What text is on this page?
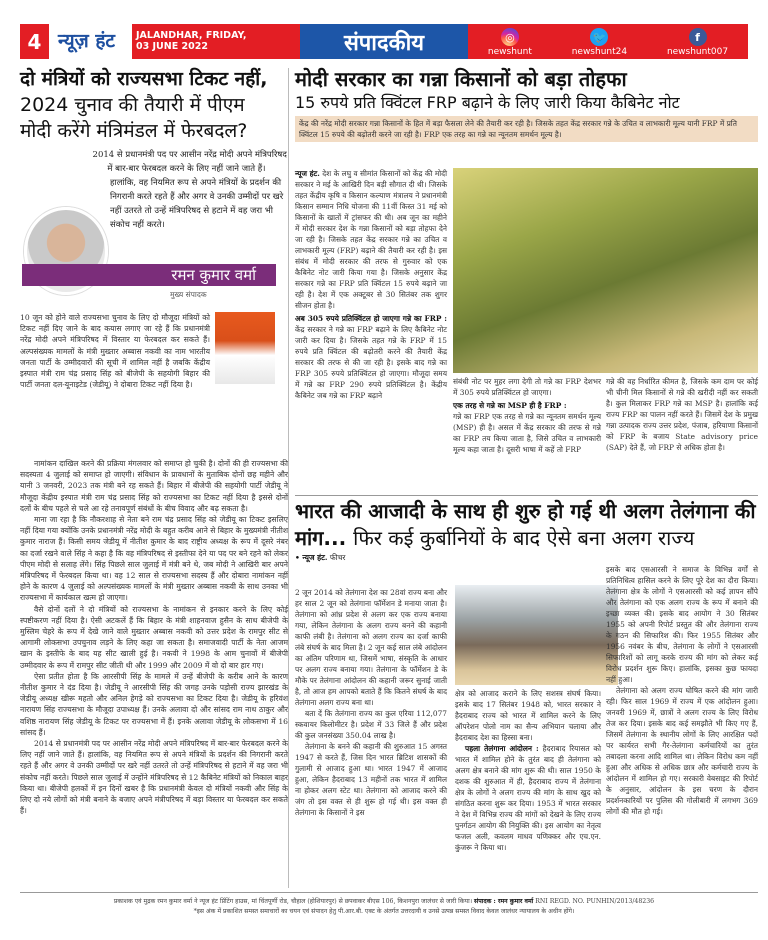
4 न्यूज़ हंट JALANDHAR, FRIDAY,
03 JUNE 2022	संपादकीय	◎
newshunt
🐦
newshunt24
f
newshunt007
दो मंत्रियों को राज्यसभा टिकट नहीं,
2024 चुनाव की तैयारी में पीएम
मोदी करेंगे मंत्रिमंडल में फेरबदल?
2014 से प्रधानमंत्री पद पर आसीन नरेंद्र मोदी अपने मंत्रिपरिषद में बार-बार फेरबदल करने के लिए नहीं जाने जाते हैं। हालांकि, वह नियमित रूप से अपने मंत्रियों के प्रदर्शन की निगरानी करते रहते हैं और अगर वे उनकी उम्मीदों पर खरे नहीं उतरते तो उन्हें मंत्रिपरिषद से हटाने में वह जरा भी संकोच नहीं करते।
रमन कुमार वर्मा
मुख्य संपादक
10 जून को होने वाले राज्यसभा चुनाव के लिए दो मौजूदा मंत्रियों को टिकट नहीं दिए जाने के बाद कयास लगाए जा रहे हैं कि प्रधानमंत्री नरेंद्र मोदी अपने मंत्रिपरिषद में विस्तार या फेरबदल कर सकते हैं। अल्पसंख्यक मामलों के मंत्री मुख्तार अब्बास नकवी का नाम भारतीय जनता पार्टी के उम्मीदवारों की सूची में शामिल नहीं है जबकि केंद्रीय इस्पात मंत्री राम चंद्र प्रसाद सिंह को बीजेपी के सहयोगी बिहार की पार्टी जनता दल-यूनाइटेड (जेडीयू) ने दोबारा टिकट नहीं दिया है।

नामांकन दाखिल करने की प्रक्रिया मंगलवार को समाप्त हो चुकी है। दोनों की ही राज्यसभा की सदस्यता 4 जुलाई को समाप्त हो जाएगी। संविधान के प्रावधानों के मुताबिक दोनों छह महीने और यानी 3 जनवरी, 2023 तक मंत्री बने रह सकते हैं। बिहार में बीजेपी की सहयोगी पार्टी जेडीयू ने मौजूदा केंद्रीय इस्पात मंत्री राम चंद्र प्रसाद सिंह को राज्यसभा का टिकट नहीं दिया है इससे दोनों दलों के बीच पहले से चले आ रहे तनावपूर्ण संबंधों के बीच विवाद और बढ़ सकता है।

माना जा रहा है कि नौकरशाह से नेता बने राम चंद्र प्रसाद सिंह को जेडीयू का टिकट इसलिए नहीं दिया गया क्योंकि उनके प्रधानमंत्री नरेंद्र मोदी के बहुत करीब आने से बिहार के मुख्यमंत्री नीतीश कुमार नाराज हैं। किसी समय जेडीयू में नीतीश कुमार के बाद राष्ट्रीय अध्यक्ष के रूप में दूसरे नंबर का दर्जा रखने वाले सिंह ने कहा है कि वह मंत्रिपरिषद से इस्तीफा देने या पद पर बने रहने को लेकर पीएम मोदी से सलाह लेंगे। सिंह पिछले साल जुलाई में मंत्री बने थे, जब मोदी ने आखिरी बार अपने मंत्रिपरिषद में फेरबदल किया था। वह 12 साल से राज्यसभा सदस्य हैं और दोबारा नामांकन नहीं होने के कारण 4 जुलाई को अल्पसंख्यक मामलों के मंत्री मुख्तार अब्बास नकवी के साथ उनका भी राज्यसभा में कार्यकाल खत्म हो जाएगा।

वैसे दोनों दलों ने दो मंत्रियों को राज्यसभा के नामांकन से इनकार करने के लिए कोई स्पष्टीकरण नहीं दिया है। ऐसी अटकलें हैं कि बिहार के मंत्री शाहनवाज हुसैन के साथ बीजेपी के मुस्लिम चेहरे के रूप में देखे जाने वाले मुख्तार अब्बास नकवी को उत्तर प्रदेश के रामपुर सीट से आगामी लोकसभा उपचुनाव लड़ने के लिए कहा जा सकता है। समाजवादी पार्टी के नेता आजम खान के इस्तीफे के बाद यह सीट खाली हुई है। नकवी ने 1998 के आम चुनावों में बीजेपी उम्मीदवार के रूप में रामपुर सीट जीती थी और 1999 और 2009 में वो दो बार हार गए।

ऐसा प्रतीत होता है कि आरसीपी सिंह के मामले में उन्हें बीजेपी के करीब आने के कारण नीतीश कुमार ने दंड दिया है। जेडीयू ने आरसीपी सिंह की जगह उनके पड़ोसी राज्य झारखंड के जेडीयू अध्यक्ष खीरू महतो और अनिल हेगड़े को राज्यसभा का टिकट दिया है। जेडीयू के हरिवंश नारायण सिंह राज्यसभा के मौजूदा उपाध्यक्ष हैं। उनके अलावा दो और सांसद राम नाथ ठाकुर और वशिष्ठ नारायण सिंह जेडीयू के टिकट पर राज्यसभा में हैं। इनके अलावा जेडीयू के लोकसभा में 16 सांसद हैं।

2014 से प्रधानमंत्री पद पर आसीन नरेंद्र मोदी अपने मंत्रिपरिषद में बार-बार फेरबदल करने के लिए नहीं जाने जाते हैं। हालांकि, वह नियमित रूप से अपने मंत्रियों के प्रदर्शन की निगरानी करते रहते हैं और अगर वे उनकी उम्मीदों पर खरे नहीं उतरते तो उन्हें मंत्रिपरिषद से हटाने में वह जरा भी संकोच नहीं करते। पिछले साल जुलाई में उन्होंने मंत्रिपरिषद से 12 कैबिनेट मंत्रियों को निकाल बाहर किया था। बीजेपी हलकों में इन दिनों खबर है कि प्रधानमंत्री केवल दो मंत्रियों नकवी और सिंह के लिए दो नये लोगों को मंत्री बनाने के बजाए अपने मंत्रीपरिषद में बड़ा विस्तार या फेरबदल कर सकते हैं।

मोदी सरकार का गन्ना किसानों को बड़ा तोहफा
15 रुपये प्रति क्विंटल FRP बढ़ाने के लिए जारी किया कैबिनेट नोट
केंद्र की नरेंद्र मोदी सरकार गन्ना किसानों के हित में बड़ा फैसला लेने की तैयारी कर रही है। जिसके तहत केंद्र सरकार गन्ने के उचित व लाभकारी मूल्य यानी FRP में प्रति क्विंटल 15 रुपये की बढ़ोतरी करने जा रही है। FRP एक तरह का गन्ने का न्यूनतम समर्थन मूल्य है।
न्यूज हंट. देश के लघु व सीमांत किसानों को केंद्र की मोदी सरकार ने मई के आखिरी दिन बड़ी सौगात दी थी। जिसके तहत केंद्रीय कृषि व किसान कल्याण मंत्रालय ने प्रधानमंत्री किसान सम्मान निधि योजना की 11वीं किस्त 31 मई को किसानों के खातों में ट्रांसफर की थी। अब जून का महीने में मोदी सरकार देश के गन्ना किसानों को बड़ा तोहफा देने जा रही है। जिसके तहत केंद्र सरकार गन्ने का उचित व लाभकारी मूल्य (FRP) बढ़ाने की तैयारी कर रही है। इस संबंध में मोदी सरकार की तरफ से गुरुवार को एक कैबिनेट नोट जारी किया गया है। जिसके अनुसार केंद्र सरकार गन्ने का FRP प्रति क्विंटल 15 रुपये बढ़ाने जा रही है। देश में एक अक्टूबर से 30 सितंबर तक शुगर सीजन होता है।
अब 305 रुपये प्रतिक्विंटल हो जाएगा गन्ने का FRP : केंद्र सरकार ने गन्ने का FRP बढ़ाने के लिए कैबिनेट नोट जारी कर दिया है। जिसके तहत गन्ने के FRP में 15 रुपये प्रति क्विंटल की बढ़ोतरी करने की तैयारी केंद्र सरकार की तरफ से की जा रही है। इसके बाद गन्ने का FRP 305 रुपये प्रतिक्विंटल हो जाएगा। मौजूदा समय में गन्ने का FRP 290 रुपये प्रतिक्विंटल है। केंद्रीय कैबिनेट जब गन्ने का FRP बढ़ाने
संबंधी नोट पर मुहर लगा देगी तो गन्ने का FRP देशभर में 305 रुपये प्रतिक्विंटल हो जाएगा।
एक तरह से गन्ने का MSP ही है FRP :
गन्ने का FRP एक तरह से गन्ने का न्यूनतम समर्थन मूल्य (MSP) ही है। असल में केंद्र सरकार की तरफ से गन्ने का FRP तय किया जाता है, जिसे उचित व लाभकारी मूल्य कहा जाता है। दूसरी भाषा में कहें तो FRP
गन्ने की वह निर्धारित कीमत है, जिसके कम दाम पर कोई भी चीनी मिल किसानों से गन्ने की खरीदी नहीं कर सकती है। कुल मिलाकर FRP गन्ने का MSP है। हालांकि कई राज्य FRP का पालन नहीं करते हैं। जिसमें देश के प्रमुख गन्ना उत्पादक राज्य उत्तर प्रदेश, पंजाब, हरियाणा किसानों को FRP के बजाय State advisory price (SAP) देते हैं, जो FRP से अधिक होता है।
भारत की आजादी के साथ ही शुरु हो गई थी अलग तेलंगाना की मांग... फिर कई कुर्बानियों के बाद ऐसे बना अलग राज्य
• न्यूज हंट. फीचर

2 जून 2014 को तेलंगाना देश का 28वां राज्य बना और हर साल 2 जून को तेलंगाना फॉर्मेशन डे मनाया जाता है। तेलंगाना को आंध्र प्रदेश से अलग कर एक राज्य बनाया गया, लेकिन तेलंगाना के अलग राज्य बनने की कहानी काफी लंबी है। तेलंगाना को अलग राज्य का दर्जा काफी लंबे संघर्ष के बाद मिला है। 2 जून कई साल लंबे आंदोलन का अंतिम परिणाम था, जिसमें भाषा, संस्कृति के आधार पर अलग राज्य बनाया गया। तेलंगाना के फॉर्मेशन डे के मौके पर तेलंगाना आंदोलन की कहानी जरूर सुनाई जाती है, तो आज हम आपको बताते हैं कि कितने संघर्ष के बाद तेलंगाना अलग राज्य बना था।

बता दें कि तेलंगाना राज्य का कुल एरिया 112,077 स्कवायर किलोमीटर है। प्रदेश में 33 जिले हैं और प्रदेश की कुल जनसंख्या 350.04 लाख है।

तेलंगाना के बनने की कहानी की शुरुआत 15 अगस्त 1947 से करते हैं, जिस दिन भारत ब्रिटिश शासकों की गुलामी से आजाद हुआ था। भारत 1947 में आजाद हुआ, लेकिन हैदराबाद 13 महीनों तक भारत में शामिल ना होकर अलग स्टेट था। तेलंगाना को आजाद करने की जंग तो इस वक्त से ही शुरू हो गई थी। इस वक्त ही तेलंगाना के किसानों ने इस

क्षेत्र को आजाद कराने के लिए सशस्त्र संघर्ष किया। इसके बाद 17 सितंबर 1948 को, भारत सरकार ने हैदराबाद राज्य को भारत में शामिल करने के लिए ऑपरेशन पोलो नाम का सैन्य अभियान चलाया और हैदराबाद देश का हिस्सा बना।

पहला तेलंगाना आंदोलन : हैदराबाद रियासत को भारत में शामिल होने के तुरंत बाद ही तेलंगाना को अलग क्षेत्र बनाने की मांग शुरू की थी। साल 1950 के दशक की शुरुआत में ही, हैदराबाद राज्य में तेलंगाना क्षेत्र के लोगों ने अलग राज्य की मांग के साथ खुद को संगठित करना शुरू कर दिया। 1953 में भारत सरकार ने देश में विभिन्न राज्य की मांगों को देखने के लिए राज्य पुनर्गठन आयोग की नियुक्ति की। इस आयोग का नेतृत्व फजल अली, कवलम माधव पणिक्कर और एच.एन. कुंजरू ने किया था।

इसके बाद एसआरसी ने समाज के विभिन्न वर्गों से प्रतिनिधित्व हासिल करने के लिए पूरे देश का दौरा किया। तेलंगाना क्षेत्र के लोगों ने एसआरसी को कई ज्ञापन सौंपे और तेलंगाना को एक अलग राज्य के रूप में बनाने की इच्छा व्यक्त की। इसके बाद आयोग ने 30 सितंबर 1955 को अपनी रिपोर्ट प्रस्तुत की और तेलंगाना राज्य के गठन की सिफारिश की। फिर 1955 सितंबर और 1956 नवंबर के बीच, तेलंगाना के लोगों ने एसआरसी सिफारिशों को लागू करके राज्य की मांग को लेकर कई विरोध प्रदर्शन शुरू किए। हालांकि, इसका कुछ फायदा नहीं हुआ।

तेलंगाना को अलग राज्य घोषित करने की मांग जारी रही। फिर साल 1969 में राज्य में एक आंदोलन हुआ। जनवरी 1969 में, छात्रों ने अलग राज्य के लिए विरोध तेज कर दिया। इसके बाद कई समझौते भी किए गए हैं, जिसमें तेलंगाना के स्थानीय लोगों के लिए आरक्षित पदों पर कार्यरत सभी गैर-तेलंगाना कर्मचारियों का तुरंत तबादला करना आदि शामिल था। लेकिन विरोध कम नहीं हुआ और अधिक से अधिक छात्र और कर्मचारी राज्य के आंदोलन में शामिल हो गए। सरकारी वेबसाइट की रिपोर्ट के अनुसार, आंदोलन के इस चरण के दौरान प्रदर्शनकारियों पर पुलिस की गोलीबारी में लगभग 369 लोगों की मौत हो गई।

प्रकाशक एवं मुद्रक रमन कुमार वर्मा ने न्यूज हंट प्रिंटिंग हाउस, मां चिंतपूर्णी रोड, चौहाल (होशियारपुर) से छपवाकर बीएस 106, किशनपुरा जालंधर से जारी किया। संपादक : रमन कुमार वर्मा RNI REGD. NO. PUNHIN/2013/48236
*इस अंक में प्रकाशित समस्त समाचारों का चयन एवं संपादन हेतु पी.आर.बी. एक्ट के अंतर्गत उत्तरदायी व उनसे उत्पन्न समस्त विवाद केवल जालंधर न्यायालय के अधीन होंगे।
